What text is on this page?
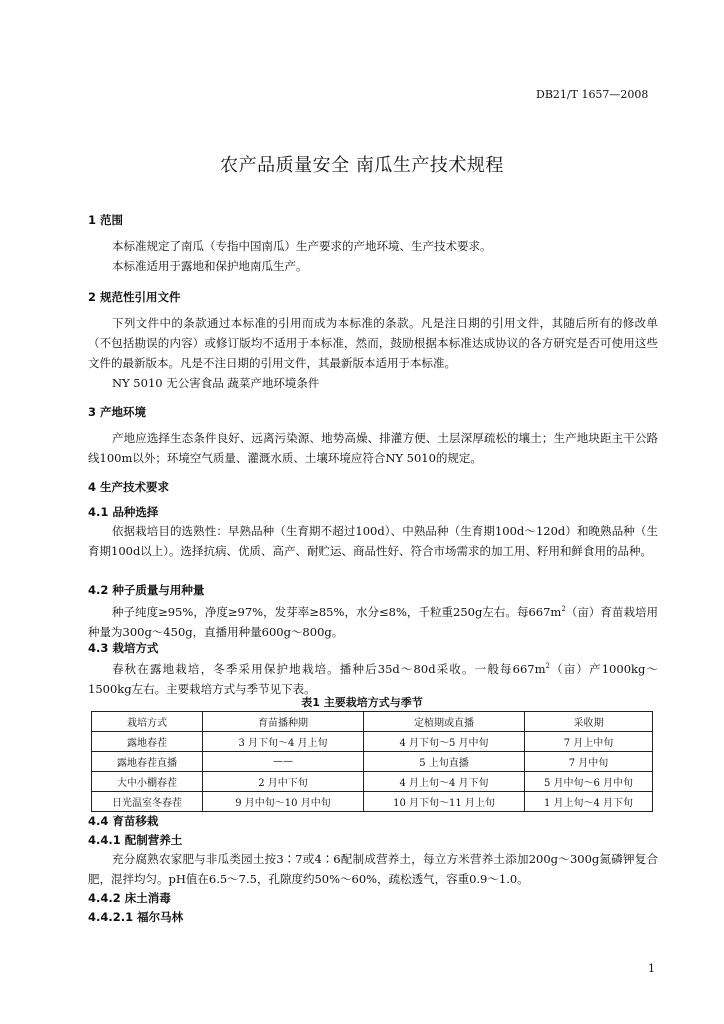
DB21/T 1657—2008
农产品质量安全 南瓜生产技术规程
1 范围
本标准规定了南瓜（专指中国南瓜）生产要求的产地环境、生产技术要求。
本标准适用于露地和保护地南瓜生产。
2 规范性引用文件
下列文件中的条款通过本标准的引用而成为本标准的条款。凡是注日期的引用文件，其随后所有的修改单（不包括勘误的内容）或修订版均不适用于本标准，然而，鼓励根据本标准达成协议的各方研究是否可使用这些文件的最新版本。凡是不注日期的引用文件，其最新版本适用于本标准。
NY 5010 无公害食品 蔬菜产地环境条件
3 产地环境
产地应选择生态条件良好、远离污染源、地势高燥、排灌方便、土层深厚疏松的壤土；生产地块距主干公路线100m以外；环境空气质量、灌溉水质、土壤环境应符合NY 5010的规定。
4 生产技术要求
4.1 品种选择
依据栽培目的选熟性：早熟品种（生育期不超过100d）、中熟品种（生育期100d～120d）和晚熟品种（生育期100d以上）。选择抗病、优质、高产、耐贮运、商品性好、符合市场需求的加工用、籽用和鲜食用的品种。
4.2 种子质量与用种量
种子纯度≥95%，净度≥97%，发芽率≥85%，水分≤8%，千粒重250g左右。每$667m^2$（亩）育苗栽培用种量为300g～450g，直播用种量600g～800g。
4.3 栽培方式
春秋在露地栽培，冬季采用保护地栽培。播种后35d～80d采收。一般每$667m^2$（亩）产1000kg～1500kg左右。主要栽培方式与季节见下表。
表1 主要栽培方式与季节
栽培方式	育苗播种期	定植期或直播	采收期
露地春茬	3 月下旬～4 月上旬	4 月下旬～5 月中旬	7 月上中旬
露地春茬直播	——	5 上旬直播	7 月中旬
大中小棚春茬	2 月中下旬	4 月上旬～4 月下旬	5 月中旬～6 月中旬
日光温室冬春茬	9 月中旬～10 月中旬	10 月下旬～11 月上旬	1 月上旬～4 月下旬
4.4 育苗移栽
4.4.1 配制营养土
充分腐熟农家肥与非瓜类园土按3∶7或4∶6配制成营养土，每立方米营养土添加200g～300g氮磷钾复合肥，混拌均匀。pH值在6.5～7.5，孔隙度约50%～60%，疏松透气，容重0.9～1.0。
4.4.2 床土消毒
4.4.2.1 福尔马林
1
